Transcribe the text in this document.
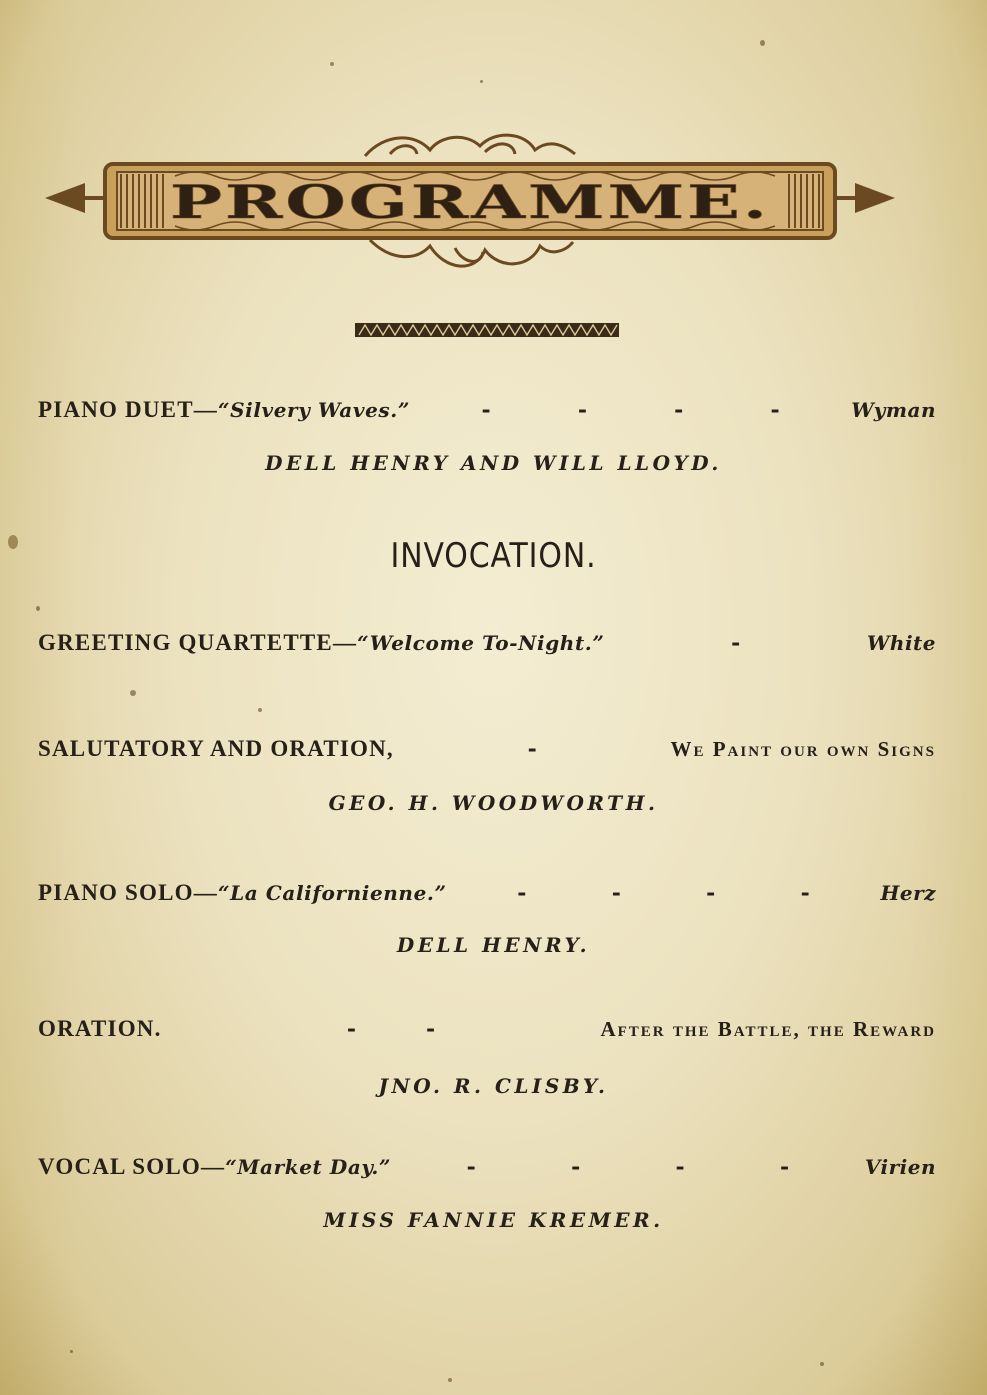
PROGRAMME.
PIANO DUET—“Silvery Waves.”	-	-	-	-	Wyman
DELL HENRY AND WILL LLOYD.
INVOCATION.
GREETING QUARTETTE—“Welcome To-Night.”	-	White
SALUTATORY AND ORATION,	-	We Paint our own Signs
GEO. H. WOODWORTH.
PIANO SOLO—“La Californienne.”	-	-	-	-	Herz
DELL HENRY.
ORATION.	-	-	After the Battle, the Reward
JNO. R. CLISBY.
VOCAL SOLO—“Market Day.”	-	-	-	-	Virien
MISS FANNIE KREMER.
